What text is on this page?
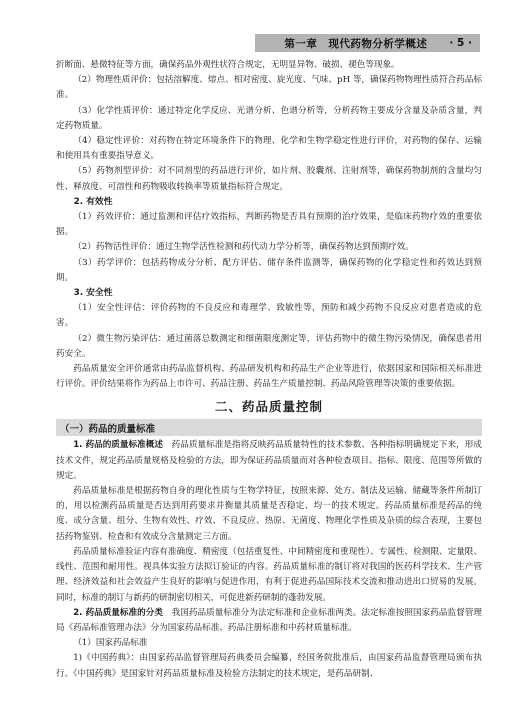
第一章　现代药物分析学概述 · 5 ·

折断面、悬微特征等方面，确保药品外观性状符合规定，无明显异物、破损、褪色等现象。

（2）物理性质评价：包括溶解度、熔点、相对密度、旋光度、气味、pH 等，确保药物物理性质符合药品标准。

（3）化学性质评价：通过特定化学反应、光谱分析、色谱分析等，分析药物主要成分含量及杂质含量，判定药物质量。

（4）稳定性评价：对药物在特定环境条件下的物理、化学和生物学稳定性进行评价，对药物的保存、运输和使用具有重要指导意义。

（5）药物剂型评价：对不同剂型的药品进行评价，如片剂、胶囊剂、注射剂等，确保药物制剂的含量均匀性、释放度、可溶性和药物吸收转换率等质量指标符合规定。

2. 有效性

（1）药效评价：通过监测和评估疗效指标，判断药物是否具有预期的治疗效果，是临床药物疗效的重要依据。

（2）药物活性评价：通过生物学活性检测和药代动力学分析等，确保药物达到预期疗效。

（3）药学评价：包括药物成分分析、配方评估、储存条件监测等，确保药物的化学稳定性和药效达到预期。

3. 安全性

（1）安全性评估：评价药物的不良反应和毒理学、致敏性等，预防和减少药物不良反应对患者造成的危害。

（2）微生物污染评估：通过菌落总数测定和细菌限度测定等，评估药物中的微生物污染情况，确保患者用药安全。

药品质量安全评价通常由药品监督机构、药品研发机构和药品生产企业等进行，依据国家和国际相关标准进行评价。评价结果将作为药品上市许可、药品注册、药品生产质量控制、药品风险管理等决策的重要依据。

二、药品质量控制
（一）药品的质量标准

1. 药品的质量标准概述　药品质量标准是指将反映药品质量特性的技术参数、各种指标明确规定下来，形成技术文件，规定药品质量规格及检验的方法，即为保证药品质量而对各种检查项目、指标、限度、范围等所做的规定。

药品质量标准是根据药物自身的理化性质与生物学特征，按照来源、处方、制法及运输、储藏等条件所制订的，用以检测药品质量是否达到用药要求并衡量其质量是否稳定、均一的技术规定。药品质量标准是药品的纯度、成分含量、组分、生物有效性、疗效、不良反应、热原、无菌度、物理化学性质及杂质的综合表现，主要包括药物鉴别、检查和有效成分含量测定三方面。

药品质量标准验证内容有准确度、精密度（包括重复性、中间精密度和重现性）、专属性、检测限、定量限、线性、范围和耐用性。视具体实验方法拟订验证的内容。药品质量标准的制订将对我国的医药科学技术、生产管理、经济效益和社会效益产生良好的影响与促进作用，有利于促进药品国际技术交流和推动进出口贸易的发展。同时，标准的制订与新药的研制密切相关，可促进新药研制的蓬勃发展。

2. 药品质量标准的分类　我国药品质量标准分为法定标准和企业标准两类。法定标准按照国家药品监督管理局《药品标准管理办法》分为国家药品标准、药品注册标准和中药材质量标准。

（1）国家药品标准

1)《中国药典》：由国家药品监督管理局药典委员会编纂，经国务院批准后，由国家药品监督管理局颁布执行。《中国药典》是国家针对药品质量标准及检验方法制定的技术规定，是药品研制、
